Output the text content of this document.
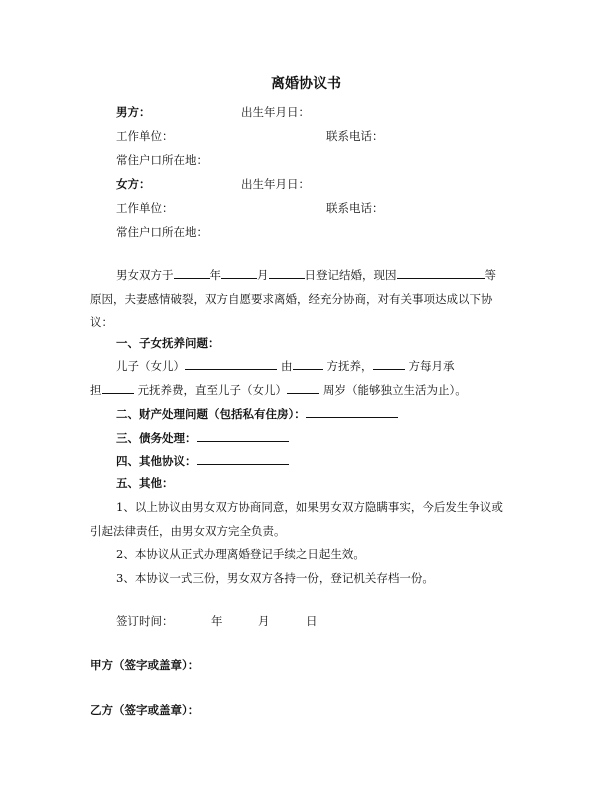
离婚协议书
男方：	出生年月日：
工作单位：	联系电话：
常住户口所在地：
女方：	出生年月日：
工作单位：	联系电话：
常住户口所在地：
男女双方于	年	月	日登记结婚，现因	等
原因，夫妻感情破裂，双方自愿要求离婚，经充分协商，对有关事项达成以下协
议：
一、子女抚养问题：
儿子（女儿）	由	方抚养，	方每月承
担	元抚养费，直至儿子（女儿）	周岁（能够独立生活为止）。
二、财产处理问题（包括私有住房）：
三、债务处理：
四、其他协议：
五、其他：
1、以上协议由男女双方协商同意，如果男女双方隐瞒事实，今后发生争议或
引起法律责任，由男女双方完全负责。
2、本协议从正式办理离婚登记手续之日起生效。
3、本协议一式三份，男女双方各持一份，登记机关存档一份。
签订时间：	年	月	日
甲方（签字或盖章）：
乙方（签字或盖章）：
